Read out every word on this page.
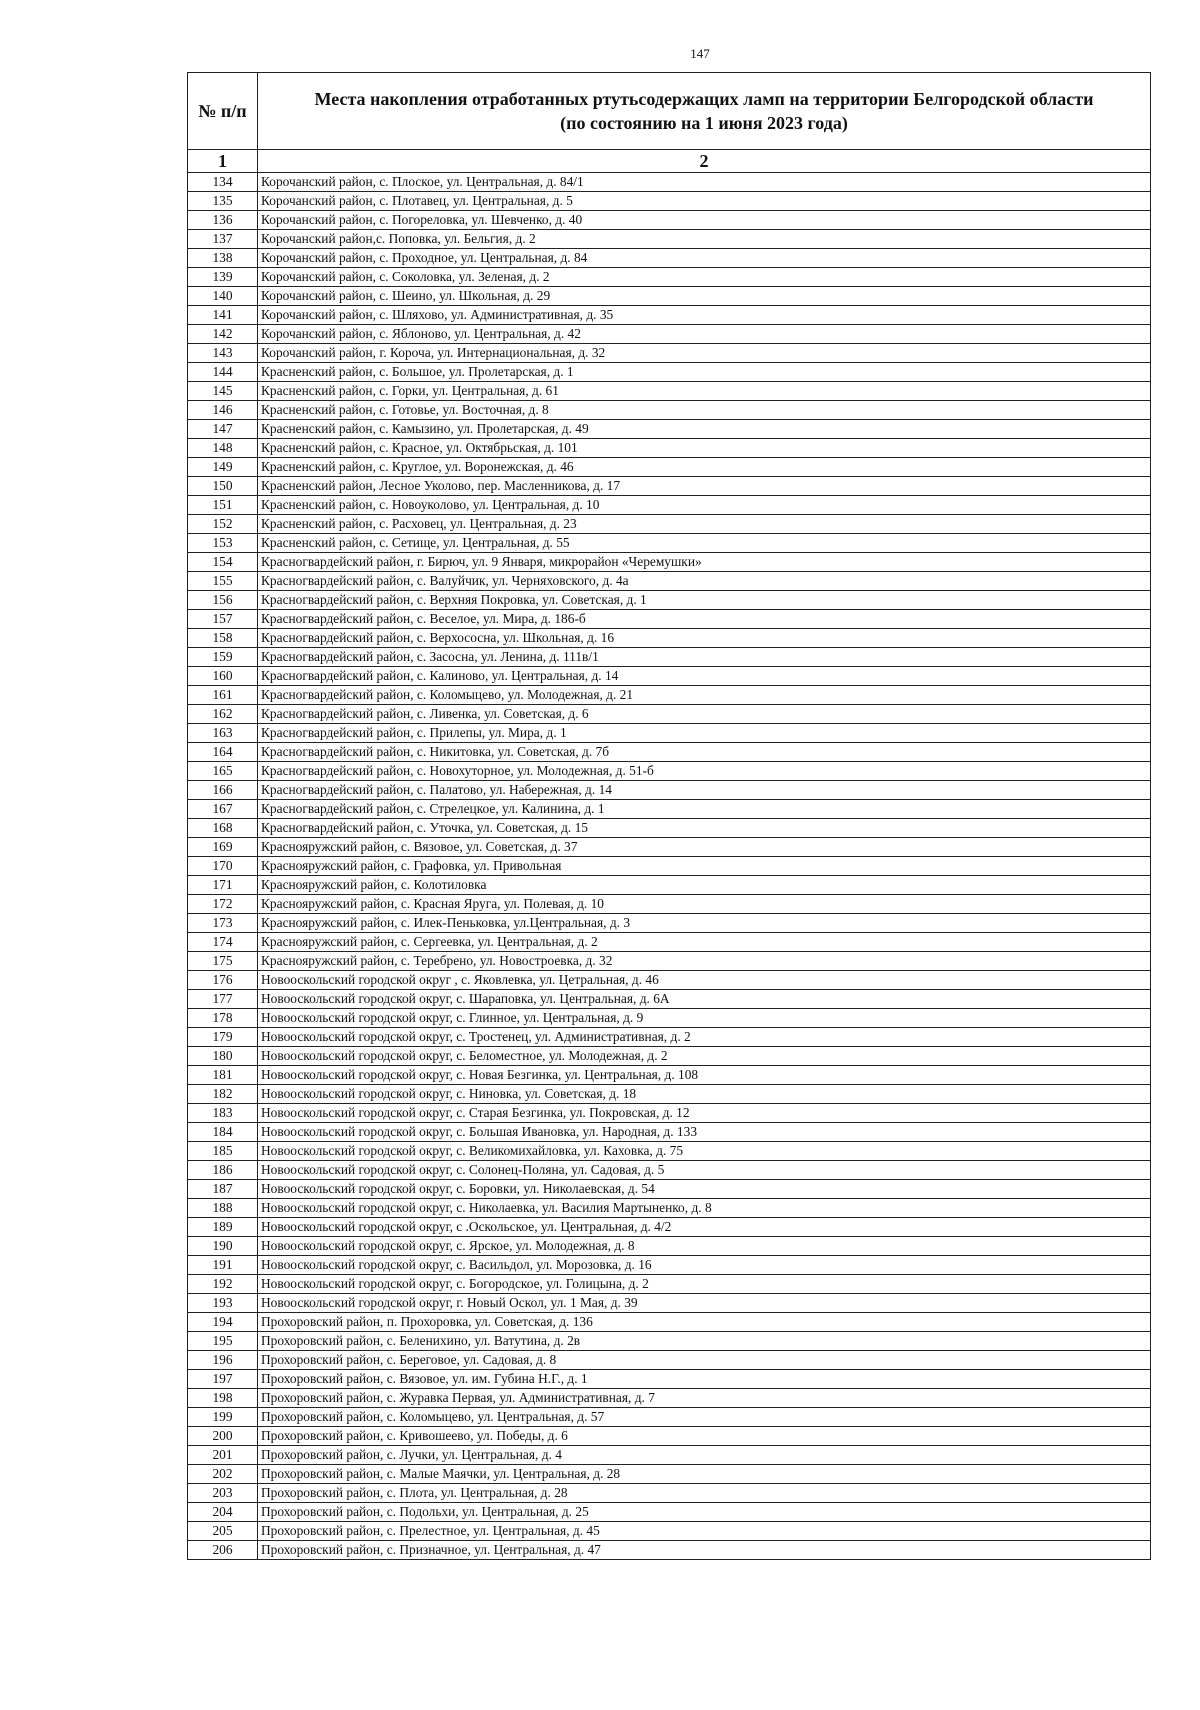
147
№ п/п	Места накопления отработанных ртутьсодержащих ламп на территории Белгородской области
(по состоянию на 1 июня 2023 года)

1	2
134	Корочанский район, с. Плоское, ул. Центральная, д. 84/1
135	Корочанский район, с. Плотавец, ул. Центральная, д. 5
136	Корочанский район, с. Погореловка, ул. Шевченко, д. 40
137	Корочанский район,с. Поповка, ул. Бельгия, д. 2
138	Корочанский район, с. Проходное, ул. Центральная, д. 84
139	Корочанский район, с. Соколовка, ул. Зеленая, д. 2
140	Корочанский район, с. Шеино, ул. Школьная, д. 29
141	Корочанский район, с. Шляхово, ул. Административная, д. 35
142	Корочанский район, с. Яблоново, ул. Центральная, д. 42
143	Корочанский район, г. Короча, ул. Интернациональная, д. 32
144	Красненский район, с. Большое, ул. Пролетарская, д. 1
145	Красненский район, с. Горки, ул. Центральная, д. 61
146	Красненский район, с. Готовье, ул. Восточная, д. 8
147	Красненский район, с. Камызино, ул. Пролетарская, д. 49
148	Красненский район, с. Красное, ул. Октябрьская, д. 101
149	Красненский район, с. Круглое, ул. Воронежская, д. 46
150	Красненский район, Лесное Уколово, пер. Масленникова, д. 17
151	Красненский район, с. Новоуколово, ул. Центральная, д. 10
152	Красненский район, с. Расховец, ул. Центральная, д. 23
153	Красненский район, с. Сетище, ул. Центральная, д. 55
154	Красногвардейский район, г. Бирюч, ул. 9 Января, микрорайон «Черемушки»
155	Красногвардейский район, с. Валуйчик, ул. Черняховского, д. 4а
156	Красногвардейский район, с. Верхняя Покровка, ул. Советская, д. 1
157	Красногвардейский район, с. Веселое, ул. Мира, д. 186-б
158	Красногвардейский район, с. Верхососна, ул. Школьная, д. 16
159	Красногвардейский район, с. Засосна, ул. Ленина, д. 111в/1
160	Красногвардейский район, с. Калиново, ул. Центральная, д. 14
161	Красногвардейский район, с. Коломыцево, ул. Молодежная, д. 21
162	Красногвардейский район, с. Ливенка, ул. Советская, д. 6
163	Красногвардейский район, с. Прилепы, ул. Мира, д. 1
164	Красногвардейский район, с. Никитовка, ул. Советская, д. 7б
165	Красногвардейский район, с. Новохуторное, ул. Молодежная, д. 51-б
166	Красногвардейский район, с. Палатово, ул. Набережная, д. 14
167	Красногвардейский район, с. Стрелецкое, ул. Калинина, д. 1
168	Красногвардейский район, с. Уточка, ул. Советская, д. 15
169	Краснояружский район, с. Вязовое, ул. Советская, д. 37
170	Краснояружский район, с. Графовка, ул. Привольная
171	Краснояружский район, с. Колотиловка
172	Краснояружский район, с. Красная Яруга, ул. Полевая, д. 10
173	Краснояружский район, с. Илек-Пеньковка, ул.Центральная, д. 3
174	Краснояружский район, с. Сергеевка, ул. Центральная, д. 2
175	Краснояружский район, с. Теребрено, ул. Новостроевка, д. 32
176	Новооскольский городской округ , с. Яковлевка, ул. Цетральная, д. 46
177	Новооскольский городской округ, с. Шараповка, ул. Центральная, д. 6А
178	Новооскольский городской округ, с. Глинное, ул. Центральная, д. 9
179	Новооскольский городской округ, с. Тростенец, ул. Административная, д. 2
180	Новооскольский городской округ, с. Беломестное, ул. Молодежная, д. 2
181	Новооскольский городской округ, с. Новая Безгинка, ул. Центральная, д. 108
182	Новооскольский городской округ, с. Ниновка, ул. Советская, д. 18
183	Новооскольский городской округ, с. Старая Безгинка, ул. Покровская, д. 12
184	Новооскольский городской округ, с. Большая Ивановка, ул. Народная, д. 133
185	Новооскольский городской округ, с. Великомихайловка, ул. Каховка, д. 75
186	Новооскольский городской округ, с. Солонец-Поляна, ул. Садовая, д. 5
187	Новооскольский городской округ, с. Боровки, ул. Николаевская, д. 54
188	Новооскольский городской округ, с. Николаевка, ул. Василия Мартыненко, д. 8
189	Новооскольский городской округ, с .Оскольское, ул. Центральная, д. 4/2
190	Новооскольский городской округ, с. Ярское, ул. Молодежная, д. 8
191	Новооскольский городской округ, с. Васильдол, ул. Морозовка, д. 16
192	Новооскольский городской округ, с. Богородское, ул. Голицына, д. 2
193	Новооскольский городской округ, г. Новый Оскол, ул. 1 Мая, д. 39
194	Прохоровский район, п. Прохоровка, ул. Советская, д. 136
195	Прохоровский район, с. Беленихино, ул. Ватутина, д. 2в
196	Прохоровский район, с. Береговое, ул. Садовая, д. 8
197	Прохоровский район, с. Вязовое, ул. им. Губина Н.Г., д. 1
198	Прохоровский район, с. Журавка Первая, ул. Административная, д. 7
199	Прохоровский район, с. Коломыцево, ул. Центральная, д. 57
200	Прохоровский район, с. Кривошеево, ул. Победы, д. 6
201	Прохоровский район, с. Лучки, ул. Центральная, д. 4
202	Прохоровский район, с. Малые Маячки, ул. Центральная, д. 28
203	Прохоровский район, с. Плота, ул. Центральная, д. 28
204	Прохоровский район, с. Подольхи, ул. Центральная, д. 25
205	Прохоровский район, с. Прелестное, ул. Центральная, д. 45
206	Прохоровский район, с. Призначное, ул. Центральная, д. 47
